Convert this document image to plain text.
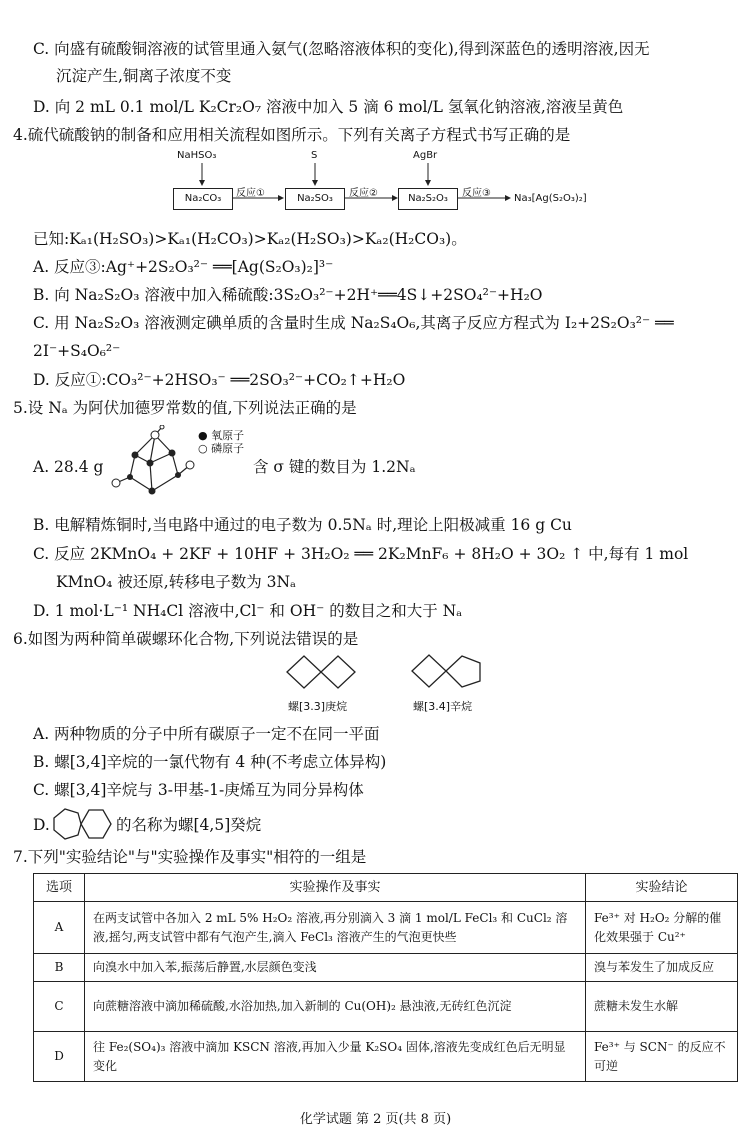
C. 向盛有硫酸铜溶液的试管里通入氨气(忽略溶液体积的变化),得到深蓝色的透明溶液,因无
沉淀产生,铜离子浓度不变
D. 向 2 mL 0.1 mol/L K₂Cr₂O₇ 溶液中加入 5 滴 6 mol/L 氢氧化钠溶液,溶液呈黄色
4.硫代硫酸钠的制备和应用相关流程如图所示。下列有关离子方程式书写正确的是
NaHSO₃	S	AgBr
Na₂CO₃	Na₂SO₃	Na₂S₂O₃
反应①	反应②	反应③ Na₃[Ag(S₂O₃)₂]
已知:Kₐ₁(H₂SO₃)>Kₐ₁(H₂CO₃)>Kₐ₂(H₂SO₃)>Kₐ₂(H₂CO₃)。
A. 反应③:Ag⁺+2S₂O₃²⁻ ══[Ag(S₂O₃)₂]³⁻
B. 向 Na₂S₂O₃ 溶液中加入稀硫酸:3S₂O₃²⁻+2H⁺══4S↓+2SO₄²⁻+H₂O
C. 用 Na₂S₂O₃ 溶液测定碘单质的含量时生成 Na₂S₄O₆,其离子反应方程式为 I₂+2S₂O₃²⁻ ══
2I⁻+S₄O₆²⁻
D. 反应①:CO₃²⁻+2HSO₃⁻ ══2SO₃²⁻+CO₂↑+H₂O
5.设 Nₐ 为阿伏加德罗常数的值,下列说法正确的是
A. 28.4 g
● 氧原子
○ 磷原子
含 σ 键的数目为 1.2Nₐ
B. 电解精炼铜时,当电路中通过的电子数为 0.5Nₐ 时,理论上阳极减重 16 g Cu
C. 反应 2KMnO₄ + 2KF + 10HF + 3H₂O₂ ══ 2K₂MnF₆ + 8H₂O + 3O₂ ↑ 中,每有 1 mol
KMnO₄ 被还原,转移电子数为 3Nₐ
D. 1 mol·L⁻¹ NH₄Cl 溶液中,Cl⁻ 和 OH⁻ 的数目之和大于 Nₐ
6.如图为两种简单碳螺环化合物,下列说法错误的是
螺[3.3]庚烷	螺[3.4]辛烷
A. 两种物质的分子中所有碳原子一定不在同一平面
B. 螺[3,4]辛烷的一氯代物有 4 种(不考虑立体异构)
C. 螺[3,4]辛烷与 3-甲基-1-庚烯互为同分异构体
D.	的名称为螺[4,5]癸烷
7.下列"实验结论"与"实验操作及事实"相符的一组是
选项	实验操作及事实	实验结论
A	在两支试管中各加入 2 mL 5% H₂O₂ 溶液,再分别滴入 3 滴 1 mol/L FeCl₃ 和 CuCl₂ 溶液,摇匀,两支试管中都有气泡产生,滴入 FeCl₃ 溶液产生的气泡更快些	Fe³⁺ 对 H₂O₂ 分解的催化效果强于 Cu²⁺
B	向溴水中加入苯,振荡后静置,水层颜色变浅	溴与苯发生了加成反应
C	向蔗糖溶液中滴加稀硫酸,水浴加热,加入新制的 Cu(OH)₂ 悬浊液,无砖红色沉淀	蔗糖未发生水解
D	往 Fe₂(SO₄)₃ 溶液中滴加 KSCN 溶液,再加入少量 K₂SO₄ 固体,溶液先变成红色后无明显变化	Fe³⁺ 与 SCN⁻ 的反应不可逆
化学试题 第 2 页(共 8 页)
